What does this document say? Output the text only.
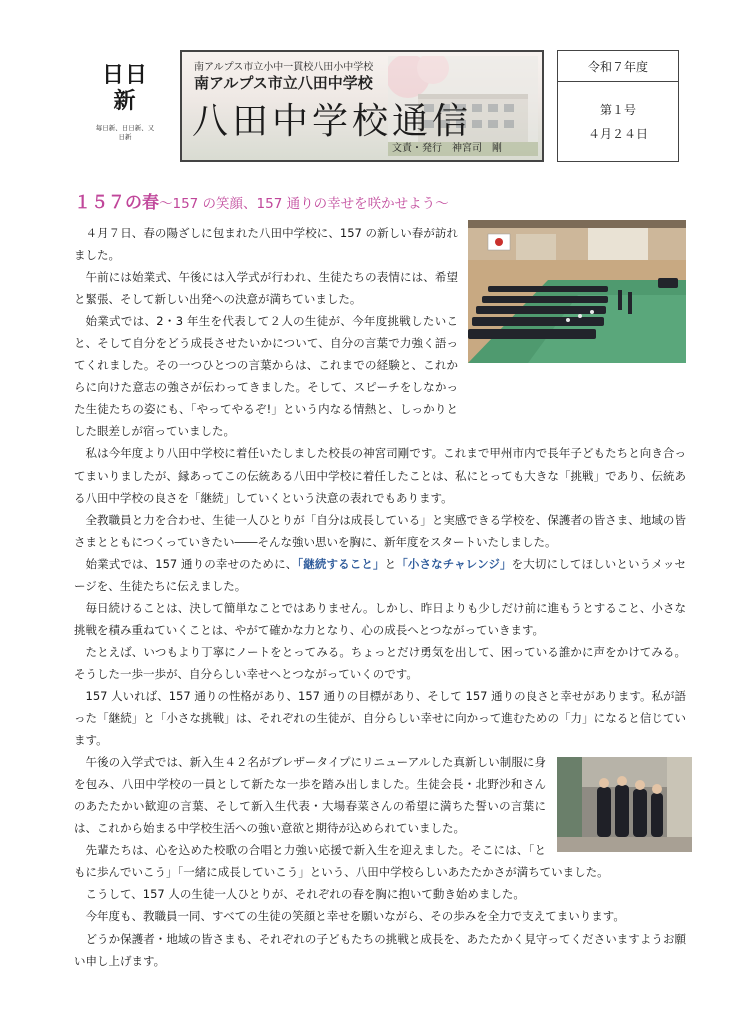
日日新
毎日新、日日新、又日新
南アルプス市立小中一貫校八田小中学校
南アルプス市立八田中学校
八田中学校通信
文責・発行　神宮司　剛
令和７年度
第１号
４月２４日
１５７の春～157 の笑顔、157 通りの幸せを咲かせよう～

４月７日、春の陽ざしに包まれた八田中学校に、157 の新しい春が訪れました。

午前には始業式、午後には入学式が行われ、生徒たちの表情には、希望と緊張、そして新しい出発への決意が満ちていました。

始業式では、2・3 年生を代表して２人の生徒が、今年度挑戦したいこと、そして自分をどう成長させたいかについて、自分の言葉で力強く語ってくれました。その一つひとつの言葉からは、これまでの経験と、これからに向けた意志の強さが伝わってきました。そして、スピーチをしなかった生徒たちの姿にも、「やってやるぞ!」という内なる情熱と、しっかりとした眼差しが宿っていました。

私は今年度より八田中学校に着任いたしました校長の神宮司剛です。これまで甲州市内で長年子どもたちと向き合ってまいりましたが、縁あってこの伝統ある八田中学校に着任したことは、私にとっても大きな「挑戦」であり、伝統ある八田中学校の良さを「継続」していくという決意の表れでもあります。

全教職員と力を合わせ、生徒一人ひとりが「自分は成長している」と実感できる学校を、保護者の皆さま、地域の皆さまとともにつくっていきたい――そんな強い思いを胸に、新年度をスタートいたしました。

始業式では、157 通りの幸せのために、「継続すること」と「小さなチャレンジ」を大切にしてほしいというメッセージを、生徒たちに伝えました。

毎日続けることは、決して簡単なことではありません。しかし、昨日よりも少しだけ前に進もうとすること、小さな挑戦を積み重ねていくことは、やがて確かな力となり、心の成長へとつながっていきます。

たとえば、いつもより丁寧にノートをとってみる。ちょっとだけ勇気を出して、困っている誰かに声をかけてみる。そうした一歩一歩が、自分らしい幸せへとつながっていくのです。

157 人いれば、157 通りの性格があり、157 通りの目標があり、そして 157 通りの良さと幸せがあります。私が語った「継続」と「小さな挑戦」は、それぞれの生徒が、自分らしい幸せに向かって進むための「力」になると信じています。

午後の入学式では、新入生４２名がブレザータイプにリニューアルした真新しい制服に身を包み、八田中学校の一員として新たな一歩を踏み出しました。生徒会長・北野沙和さんのあたたかい歓迎の言葉、そして新入生代表・大場春菜さんの希望に満ちた誓いの言葉には、これから始まる中学校生活への強い意欲と期待が込められていました。

先輩たちは、心を込めた校歌の合唱と力強い応援で新入生を迎えました。そこには、「ともに歩んでいこう」「一緒に成長していこう」という、八田中学校らしいあたたかさが満ちていました。

こうして、157 人の生徒一人ひとりが、それぞれの春を胸に抱いて動き始めました。

今年度も、教職員一同、すべての生徒の笑顔と幸せを願いながら、その歩みを全力で支えてまいります。

どうか保護者・地域の皆さまも、それぞれの子どもたちの挑戦と成長を、あたたかく見守ってくださいますようお願い申し上げます。
